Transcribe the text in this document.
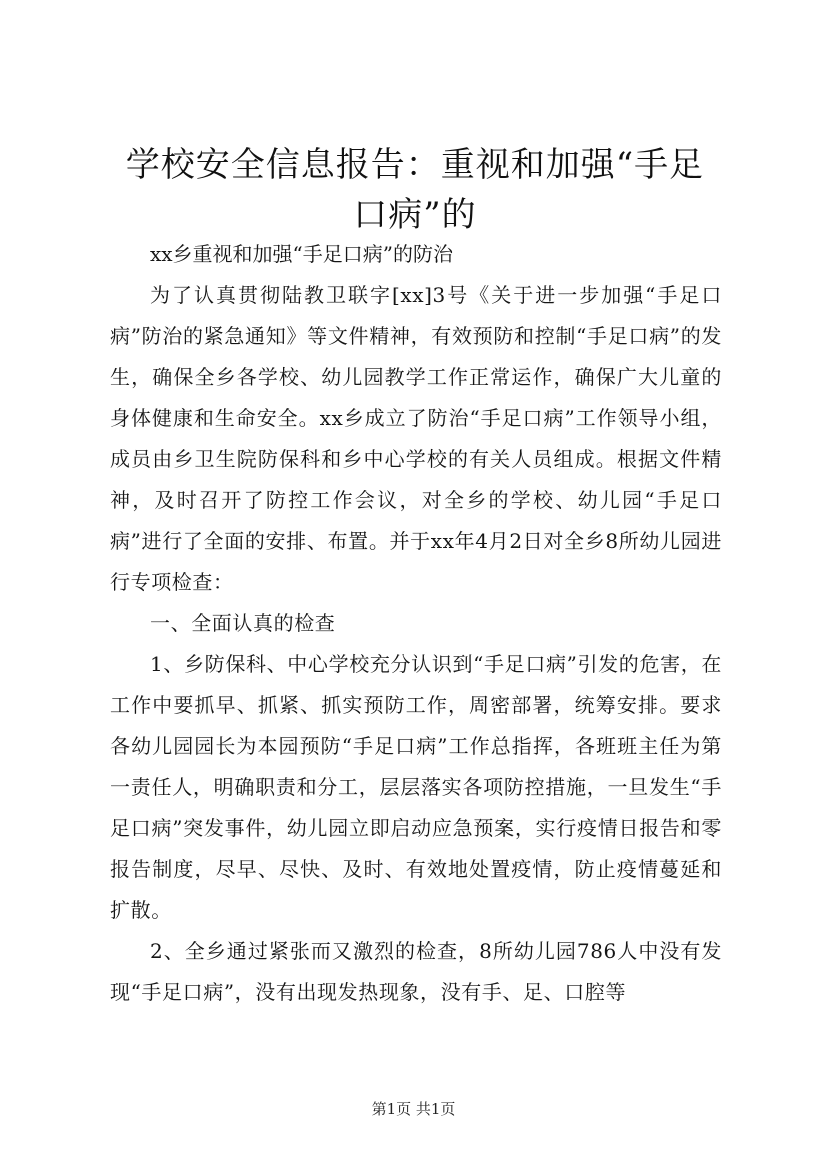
学校安全信息报告：重视和加强“手足口病”的

xx乡重视和加强“手足口病”的防治

为了认真贯彻陆教卫联字[xx]3号《关于进一步加强“手足口病”防治的紧急通知》等文件精神，有效预防和控制“手足口病”的发生，确保全乡各学校、幼儿园教学工作正常运作，确保广大儿童的身体健康和生命安全。xx乡成立了防治“手足口病”工作领导小组，成员由乡卫生院防保科和乡中心学校的有关人员组成。根据文件精神，及时召开了防控工作会议，对全乡的学校、幼儿园“手足口病”进行了全面的安排、布置。并于xx年4月2日对全乡8所幼儿园进行专项检查：

一、全面认真的检查

1、乡防保科、中心学校充分认识到“手足口病”引发的危害，在工作中要抓早、抓紧、抓实预防工作，周密部署，统筹安排。要求各幼儿园园长为本园预防“手足口病”工作总指挥，各班班主任为第一责任人，明确职责和分工，层层落实各项防控措施，一旦发生“手足口病”突发事件，幼儿园立即启动应急预案，实行疫情日报告和零报告制度，尽早、尽快、及时、有效地处置疫情，防止疫情蔓延和扩散。

2、全乡通过紧张而又激烈的检查，8所幼儿园786人中没有发现“手足口病”，没有出现发热现象，没有手、足、口腔等

第1页 共1页
